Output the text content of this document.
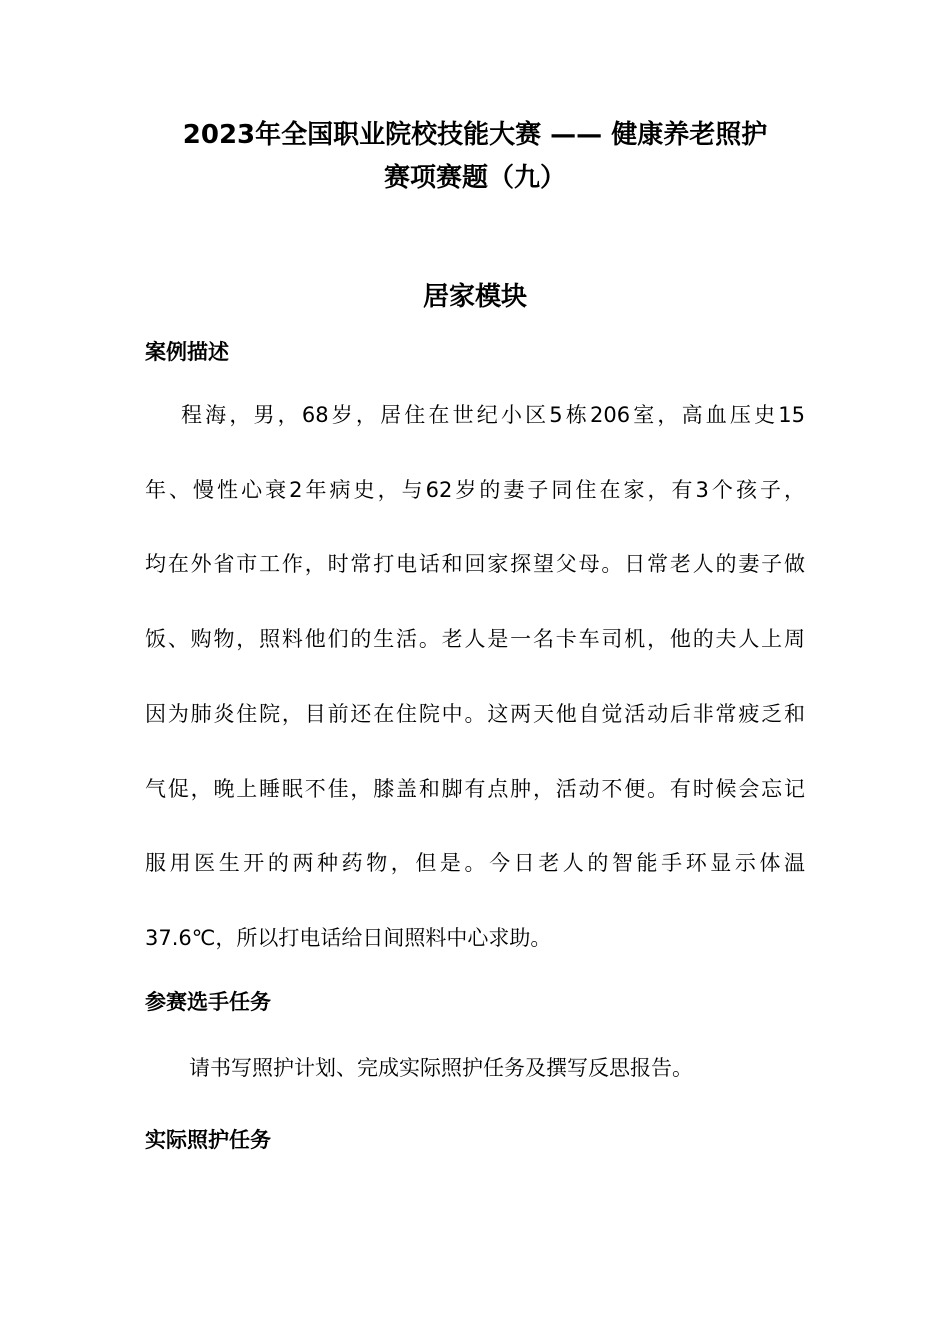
2023年全国职业院校技能大赛 —— 健康养老照护
赛项赛题（九）
居家模块
案例描述
程海，男，68岁，居住在世纪小区5栋206室，高血压史15
年、慢性心衰2年病史，与62岁的妻子同住在家，有3个孩子，
均在外省市工作，时常打电话和回家探望父母。日常老人的妻子做
饭、购物，照料他们的生活。老人是一名卡车司机，他的夫人上周
因为肺炎住院，目前还在住院中。这两天他自觉活动后非常疲乏和
气促，晚上睡眠不佳，膝盖和脚有点肿，活动不便。有时候会忘记
服用医生开的两种药物，但是。今日老人的智能手环显示体温
37.6℃，所以打电话给日间照料中心求助。
参赛选手任务
请书写照护计划、完成实际照护任务及撰写反思报告。
实际照护任务
